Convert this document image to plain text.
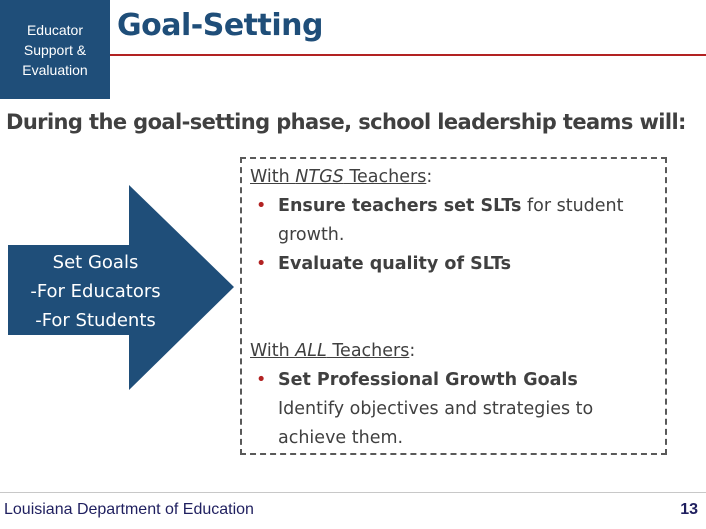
Educator
Support &
Evaluation
Goal-Setting
During the goal-setting phase, school leadership teams will:
Set Goals
-For Educators
-For Students
With NTGS Teachers:
• Ensure teachers set SLTs for student growth.
• Evaluate quality of SLTs
With ALL Teachers:
• Set Professional Growth Goals
Identify objectives and strategies to achieve them.
Louisiana Department of Education	13
